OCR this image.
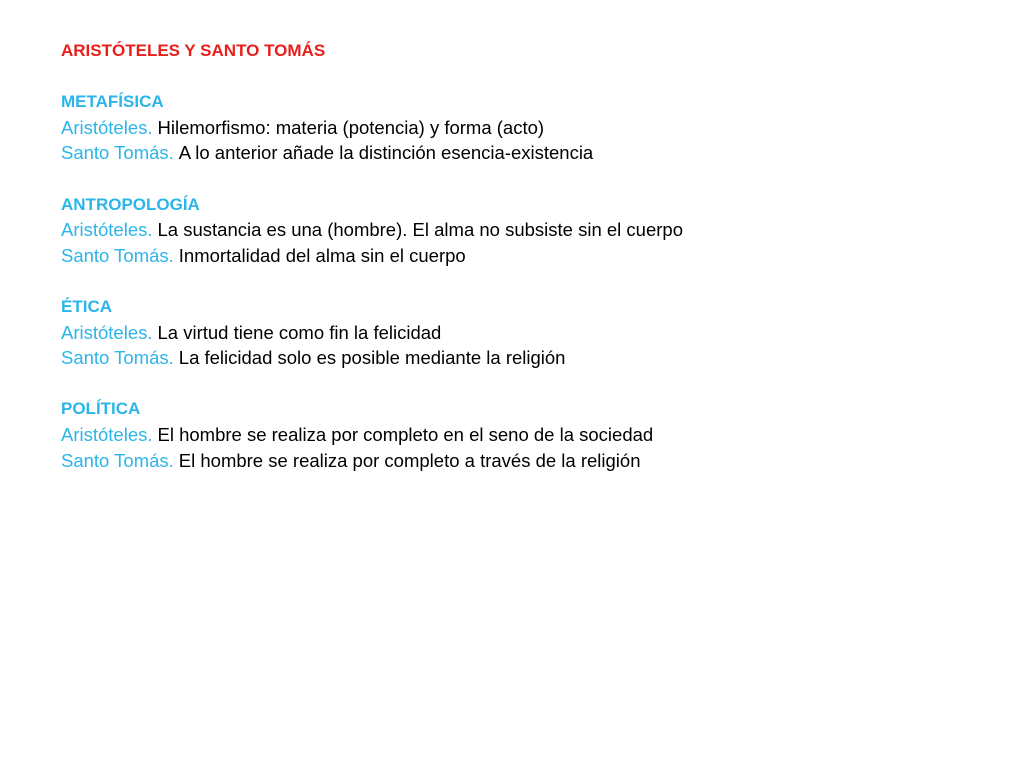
ARISTÓTELES Y SANTO TOMÁS
METAFÍSICA
Aristóteles. Hilemorfismo: materia (potencia) y forma (acto)
Santo Tomás. A lo anterior añade la distinción esencia-existencia
ANTROPOLOGÍA
Aristóteles. La sustancia es una (hombre). El alma no subsiste sin el cuerpo
Santo Tomás. Inmortalidad del alma sin el cuerpo
ÉTICA
Aristóteles. La virtud tiene como fin la felicidad
Santo Tomás. La felicidad solo es posible mediante la religión
POLÍTICA
Aristóteles. El hombre se realiza por completo en el seno de la sociedad
Santo Tomás. El hombre se realiza por completo a través de la religión
